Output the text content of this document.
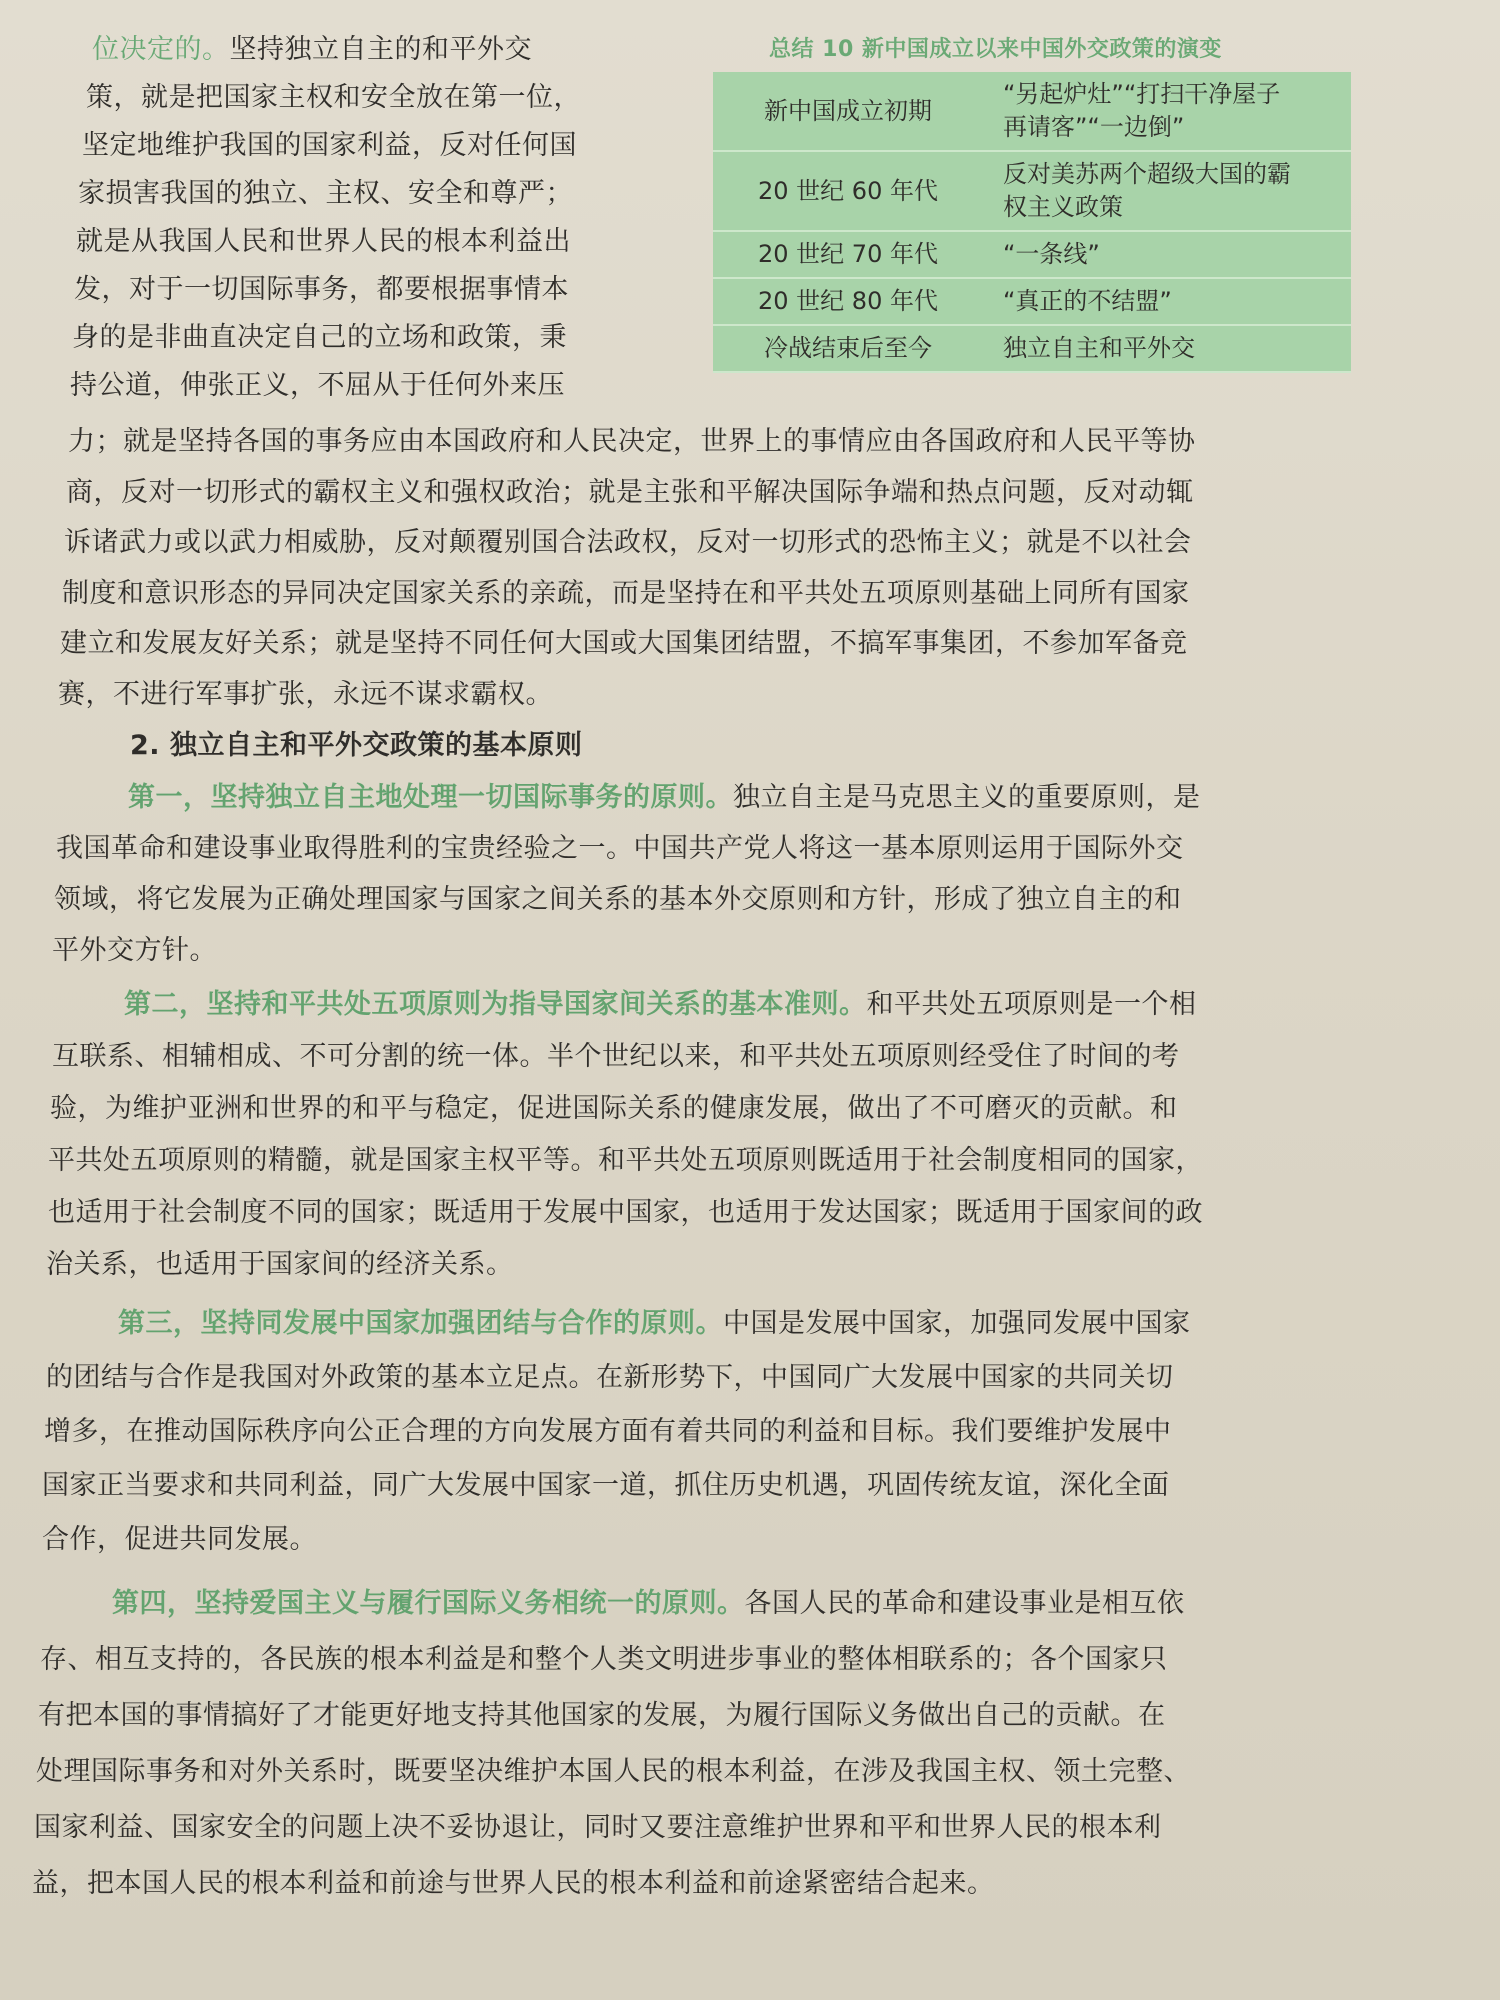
总结 10 新中国成立以来中国外交政策的演变
新中国成立初期	“另起炉灶”“打扫干净屋子
再请客”“一边倒”

20 世纪 60 年代	反对美苏两个超级大国的霸
权主义政策

20 世纪 70 年代	“一条线”

20 世纪 80 年代	“真正的不结盟”

冷战结束后至今	独立自主和平外交
位决定的。坚持独立自主的和平外交
策，就是把国家主权和安全放在第一位，
坚定地维护我国的国家利益，反对任何国
家损害我国的独立、主权、安全和尊严；
就是从我国人民和世界人民的根本利益出
发，对于一切国际事务，都要根据事情本
身的是非曲直决定自己的立场和政策，秉
持公道，伸张正义，不屈从于任何外来压
力；就是坚持各国的事务应由本国政府和人民决定，世界上的事情应由各国政府和人民平等协
商，反对一切形式的霸权主义和强权政治；就是主张和平解决国际争端和热点问题，反对动辄
诉诸武力或以武力相威胁，反对颠覆别国合法政权，反对一切形式的恐怖主义；就是不以社会
制度和意识形态的异同决定国家关系的亲疏，而是坚持在和平共处五项原则基础上同所有国家
建立和发展友好关系；就是坚持不同任何大国或大国集团结盟，不搞军事集团，不参加军备竞
赛，不进行军事扩张，永远不谋求霸权。
2. 独立自主和平外交政策的基本原则
第一，坚持独立自主地处理一切国际事务的原则。独立自主是马克思主义的重要原则，是
我国革命和建设事业取得胜利的宝贵经验之一。中国共产党人将这一基本原则运用于国际外交
领域，将它发展为正确处理国家与国家之间关系的基本外交原则和方针，形成了独立自主的和
平外交方针。
第二，坚持和平共处五项原则为指导国家间关系的基本准则。和平共处五项原则是一个相
互联系、相辅相成、不可分割的统一体。半个世纪以来，和平共处五项原则经受住了时间的考
验，为维护亚洲和世界的和平与稳定，促进国际关系的健康发展，做出了不可磨灭的贡献。和
平共处五项原则的精髓，就是国家主权平等。和平共处五项原则既适用于社会制度相同的国家，
也适用于社会制度不同的国家；既适用于发展中国家，也适用于发达国家；既适用于国家间的政
治关系，也适用于国家间的经济关系。
第三，坚持同发展中国家加强团结与合作的原则。中国是发展中国家，加强同发展中国家
的团结与合作是我国对外政策的基本立足点。在新形势下，中国同广大发展中国家的共同关切
增多，在推动国际秩序向公正合理的方向发展方面有着共同的利益和目标。我们要维护发展中
国家正当要求和共同利益，同广大发展中国家一道，抓住历史机遇，巩固传统友谊，深化全面
合作，促进共同发展。
第四，坚持爱国主义与履行国际义务相统一的原则。各国人民的革命和建设事业是相互依
存、相互支持的，各民族的根本利益是和整个人类文明进步事业的整体相联系的；各个国家只
有把本国的事情搞好了才能更好地支持其他国家的发展，为履行国际义务做出自己的贡献。在
处理国际事务和对外关系时，既要坚决维护本国人民的根本利益，在涉及我国主权、领土完整、
国家利益、国家安全的问题上决不妥协退让，同时又要注意维护世界和平和世界人民的根本利
益，把本国人民的根本利益和前途与世界人民的根本利益和前途紧密结合起来。
